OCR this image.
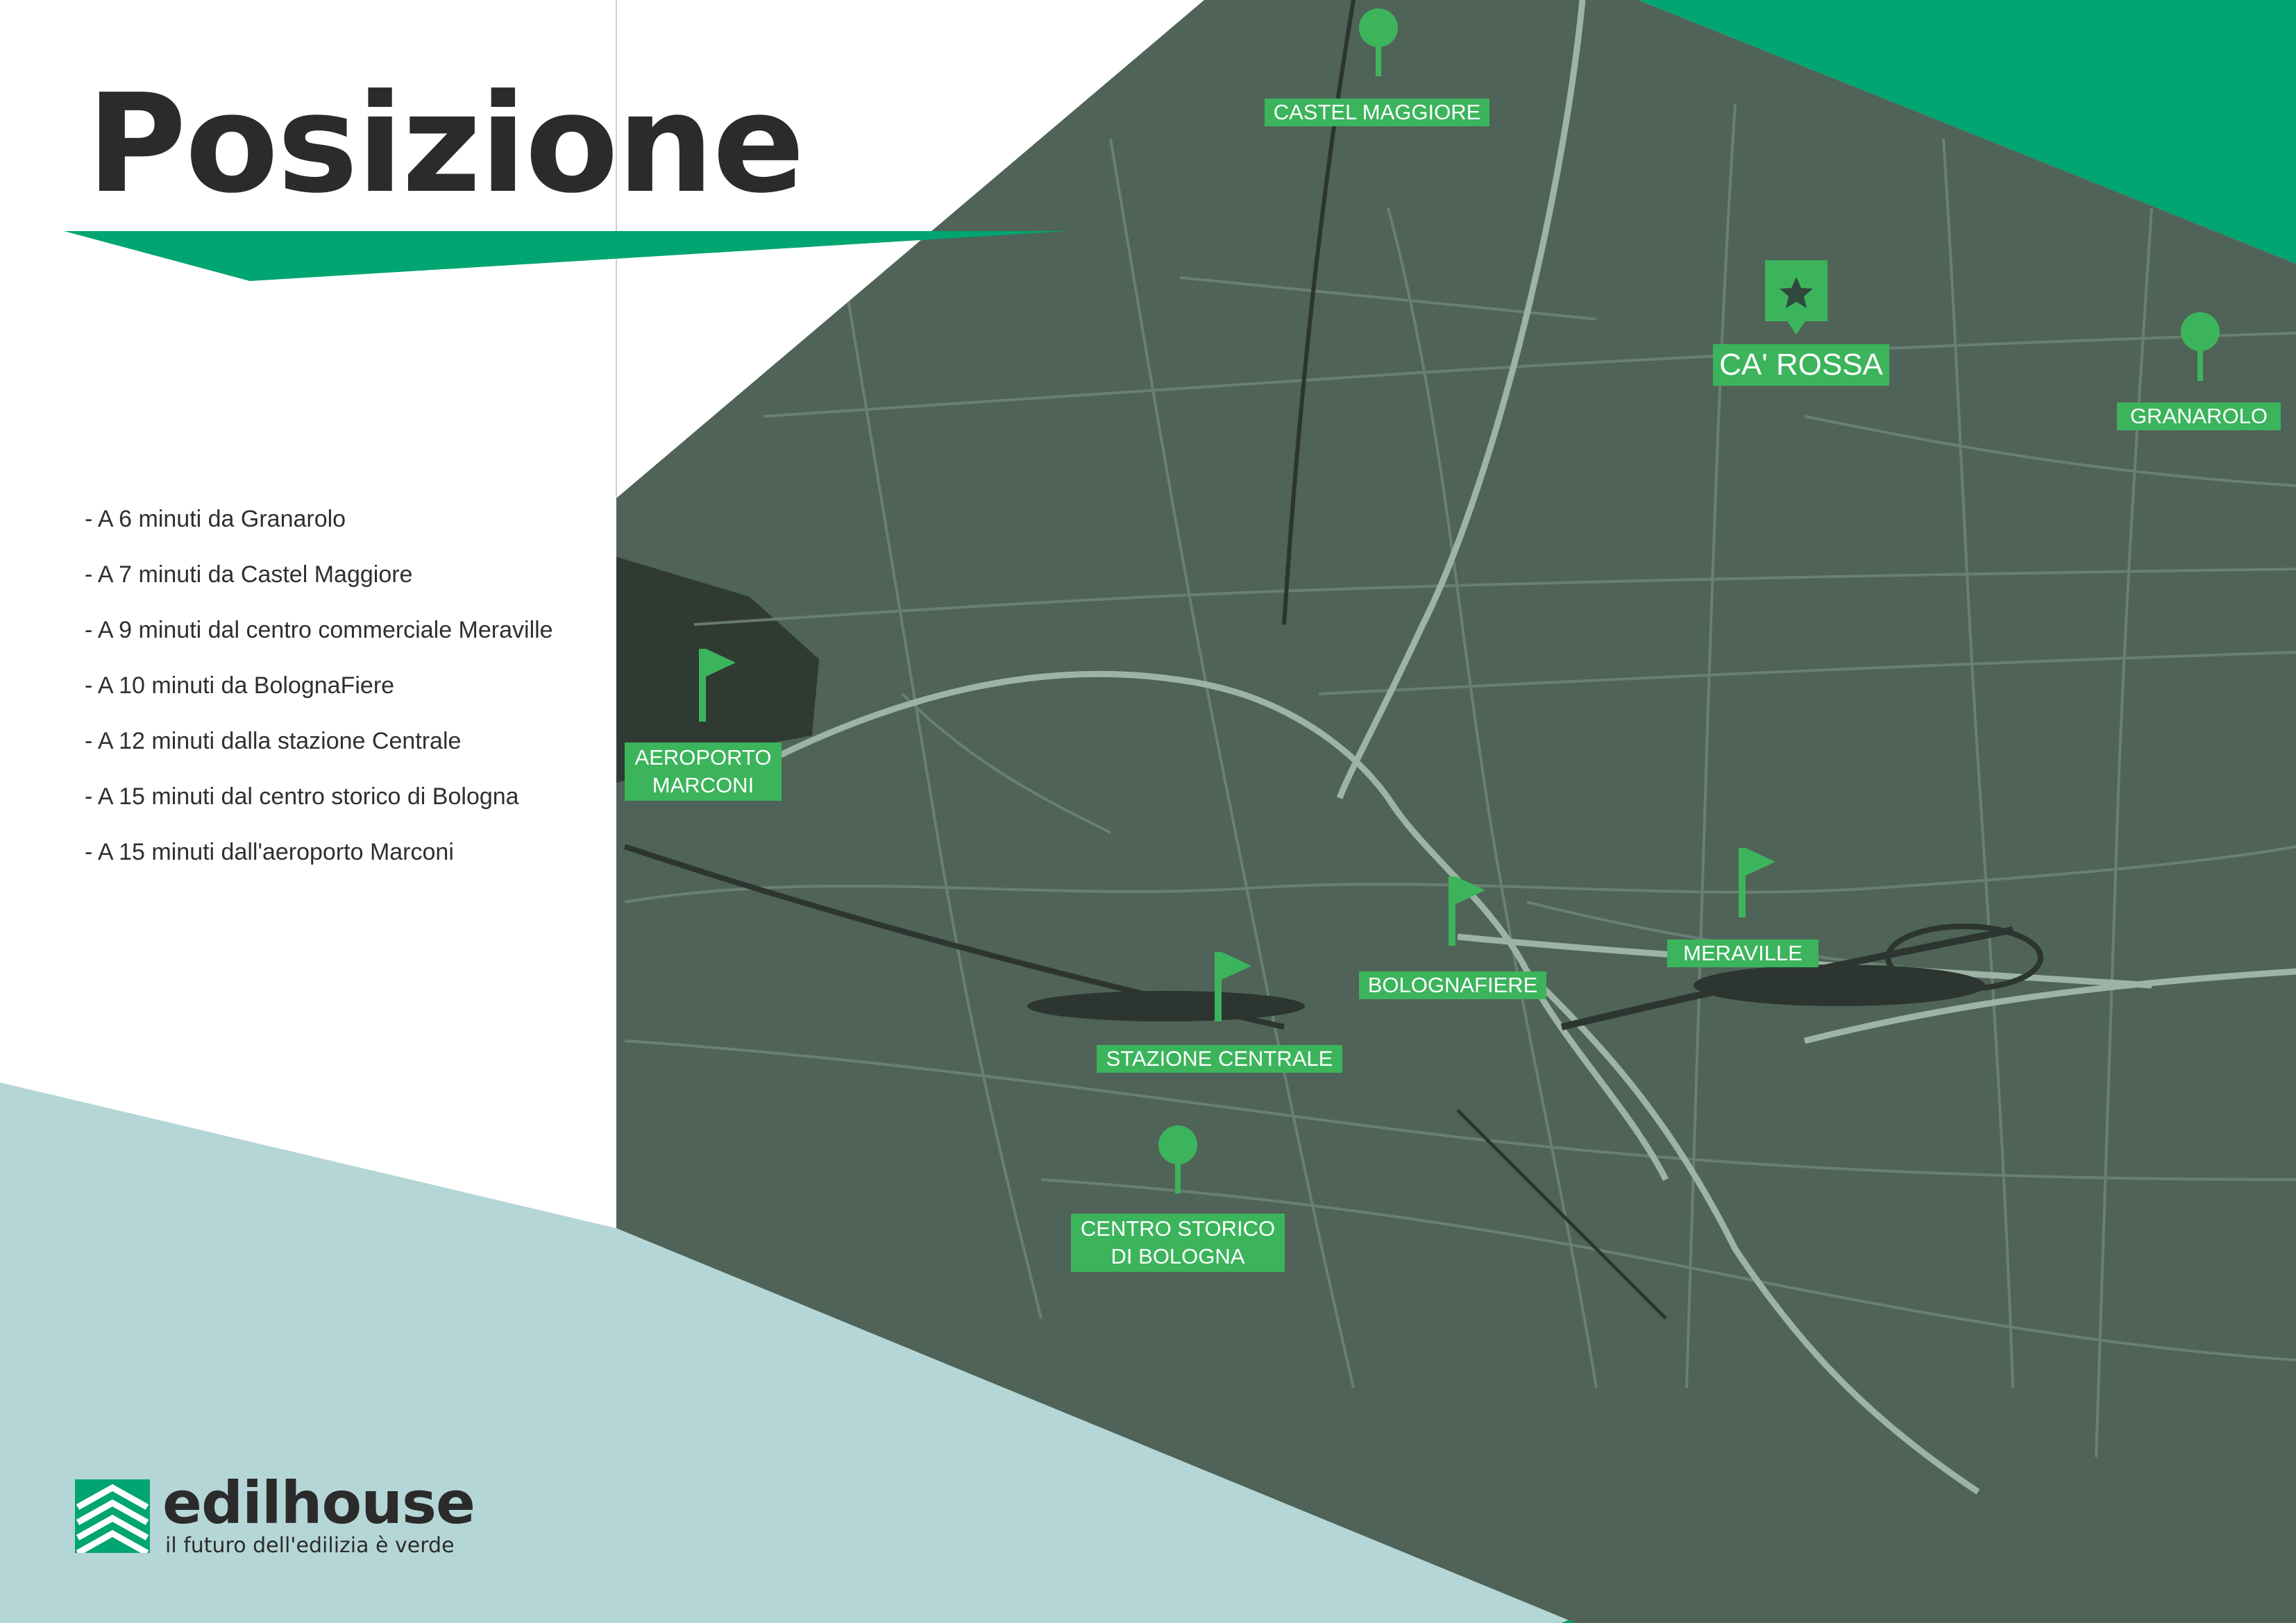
Posizione
- A 6 minuti da Granarolo
- A 7 minuti da Castel Maggiore
- A 9 minuti dal centro commerciale Meraville
- A 10 minuti da BolognaFiere
- A 12 minuti dalla stazione Centrale
- A 15 minuti dal centro storico di Bologna
- A 15 minuti dall'aeroporto Marconi
CASTEL MAGGIORE
CA' ROSSA
GRANAROLO
AEROPORTO
MARCONI
BOLOGNAFIERE
MERAVILLE
STAZIONE CENTRALE
CENTRO STORICO
DI BOLOGNA

edilhouse

il futuro dell'edilizia è verde
